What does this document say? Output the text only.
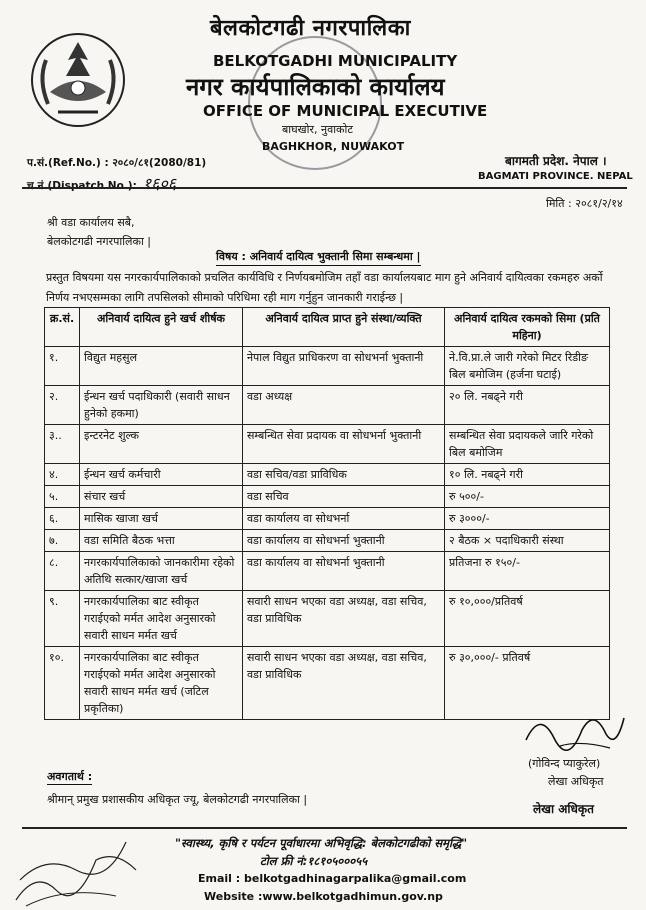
बेलकोटगढी नगरपालिका
BELKOTGADHI MUNICIPALITY
नगर कार्यपालिकाको कार्यालय
OFFICE OF MUNICIPAL EXECUTIVE
बाघखोर, नुवाकोट
BAGHKHOR, NUWAKOT
प.सं.(Ref.No.) : २०८०/८१(2080/81)
च.नं.(Dispatch No.): १६०६
बागमती प्रदेश. नेपाल ।
BAGMATI PROVINCE. NEPAL
मिति : २०८१/२/१४
श्री वडा कार्यालय सबै,
बेलकोटगढी नगरपालिका |
विषय : अनिवार्य दायित्व भुक्तानी सिमा सम्बन्धमा |
प्रस्तुत विषयमा यस नगरकार्यपालिकाको प्रचलित कार्यविधि र निर्णयबमोजिम तहाँ वडा कार्यालयबाट माग हुने अनिवार्य दायित्वका रकमहरु अर्को निर्णय नभएसम्मका लागि तपसिलको सीमाको परिधिमा रही माग गर्नुहुन जानकारी गराईन्छ |
क्र.सं.	अनिवार्य दायित्व हुने खर्च शीर्षक	अनिवार्य दायित्व प्राप्त हुने संस्था/व्यक्ति	अनिवार्य दायित्व रकमको सिमा (प्रति महिना)
१.	विद्युत महसुल	नेपाल विद्युत प्राधिकरण वा सोधभर्ना भुक्तानी	ने.वि.प्रा.ले जारी गरेको मिटर रिडीङ बिल बमोजिम (हर्जना घटाई)
२.	ईन्धन खर्च पदाधिकारी (सवारी साधन हुनेको हकमा)	वडा अध्यक्ष	२० लि. नबढ्ने गरी
३..	इन्टरनेट शुल्क	सम्बन्धित सेवा प्रदायक वा सोधभर्ना भुक्तानी	सम्बन्धित सेवा प्रदायकले जारि गरेको बिल बमोजिम
४.	ईन्धन खर्च कर्मचारी	वडा सचिव/वडा प्राविधिक	१० लि. नबढ्ने गरी
५.	संचार खर्च	वडा सचिव	रु ५००/-
६.	मासिक खाजा खर्च	वडा कार्यालय वा सोधभर्ना	रु ३०००/-
७.	वडा समिति बैठक भत्ता	वडा कार्यालय वा सोधभर्ना भुक्तानी	२ बैठक × पदाधिकारी संस्था
८.	नगरकार्यपालिकाको जानकारीमा रहेको अतिथि सत्कार/खाजा खर्च	वडा कार्यालय वा सोधभर्ना भुक्तानी	प्रतिजना रु १५०/-
९.	नगरकार्यपालिका बाट स्वीकृत गराईएको मर्मत आदेश अनुसारको सवारी साधन मर्मत खर्च	सवारी साधन भएका वडा अध्यक्ष, वडा सचिव, वडा प्राविधिक	रु १०,०००/प्रतिवर्ष
१०.	नगरकार्यपालिका बाट स्वीकृत गराईएको मर्मत आदेश अनुसारको सवारी साधन मर्मत खर्च (जटिल प्रकृतिका)	सवारी साधन भएका वडा अध्यक्ष, वडा सचिव, वडा प्राविधिक	रु ३०,०००/- प्रतिवर्ष
अवगतार्थ :
श्रीमान् प्रमुख प्रशासकीय अधिकृत ज्यू, बेलकोटगढी नगरपालिका |
(गोविन्द प्याकुरेल)
लेखा अधिकृत
लेखा अधिकृत
"स्वास्थ्य, कृषि र पर्यटन पूर्वाधारमा अभिवृद्धि: बेलकोटगढीको समृद्धि"
टोल फ्री नं:१८१०५०००५५
Email : belkotgadhinagarpalika@gmail.com
Website :www.belkotgadhimun.gov.np
